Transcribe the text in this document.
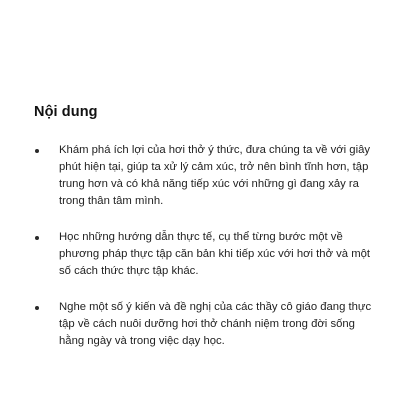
Nội dung
Khám phá ích lợi của hơi thở ý thức, đưa chúng ta về với giây phút hiện tại, giúp ta xử lý cảm xúc, trở nên bình tĩnh hơn, tập trung hơn và có khả năng tiếp xúc với những gì đang xảy ra trong thân tâm mình.
Học những hướng dẫn thực tế, cụ thể từng bước một về phương pháp thực tập căn bản khi tiếp xúc với hơi thở và một số cách thức thực tập khác.
Nghe một số ý kiến và đề nghị của các thầy cô giáo đang thực tập về cách nuôi dưỡng hơi thở chánh niệm trong đời sống hằng ngày và trong việc dạy học.
